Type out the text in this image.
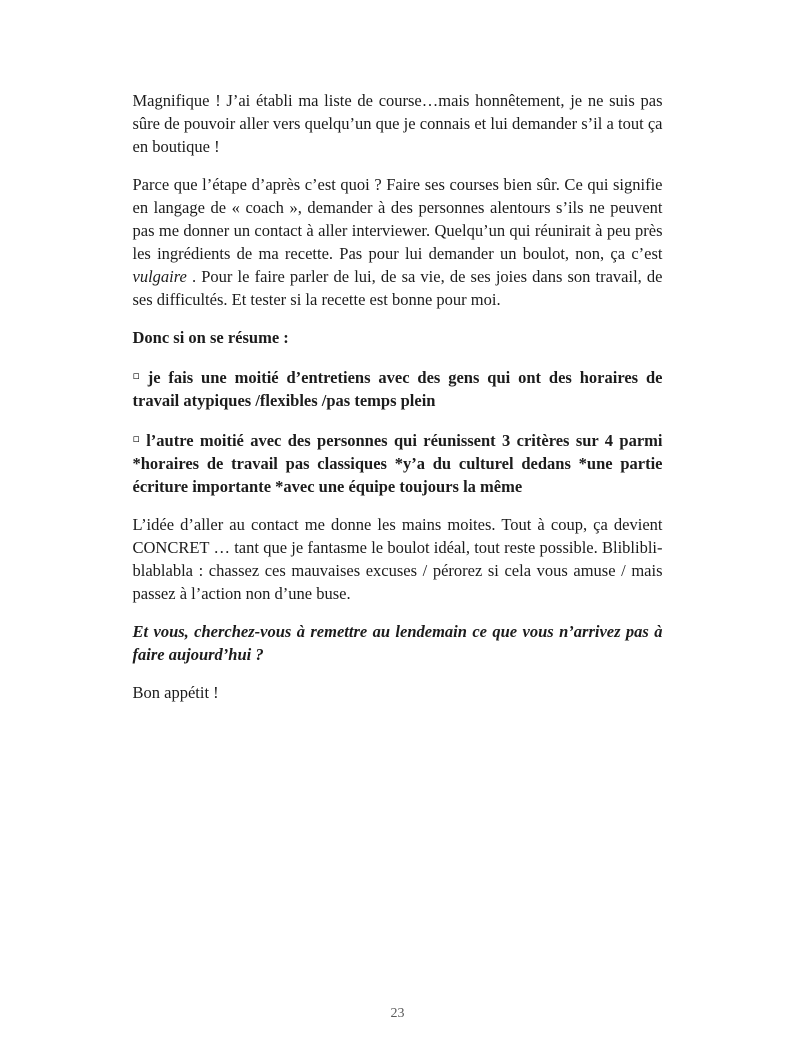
Magnifique ! J’ai établi ma liste de course…mais honnêtement, je ne suis pas sûre de pouvoir aller vers quelqu’un que je connais et lui demander s’il a tout ça en boutique !

Parce que l’étape d’après c’est quoi ? Faire ses courses bien sûr. Ce qui signifie en langage de « coach », demander à des personnes alentours s’ils ne peuvent pas me donner un contact à aller interviewer. Quelqu’un qui réunirait à peu près les ingrédients de ma recette. Pas pour lui demander un boulot, non, ça c’est vulgaire . Pour le faire parler de lui, de sa vie, de ses joies dans son travail, de ses difficultés. Et tester si la recette est bonne pour moi.

Donc si on se résume :

▫ je fais une moitié d’entretiens avec des gens qui ont des horaires de travail atypiques /flexibles /pas temps plein

▫ l’autre moitié avec des personnes qui réunissent 3 critères sur 4 parmi *horaires de travail pas classiques *y’a du culturel dedans *une partie écriture importante *avec une équipe toujours la même

L’idée d’aller au contact me donne les mains moites. Tout à coup, ça devient CONCRET … tant que je fantasme le boulot idéal, tout reste possible. Bliblibli-blablabla : chassez ces mauvaises excuses / pérorez si cela vous amuse / mais passez à l’action non d’une buse.

Et vous, cherchez-vous à remettre au lendemain ce que vous n’arrivez pas à faire aujourd’hui ?

Bon appétit !

23
